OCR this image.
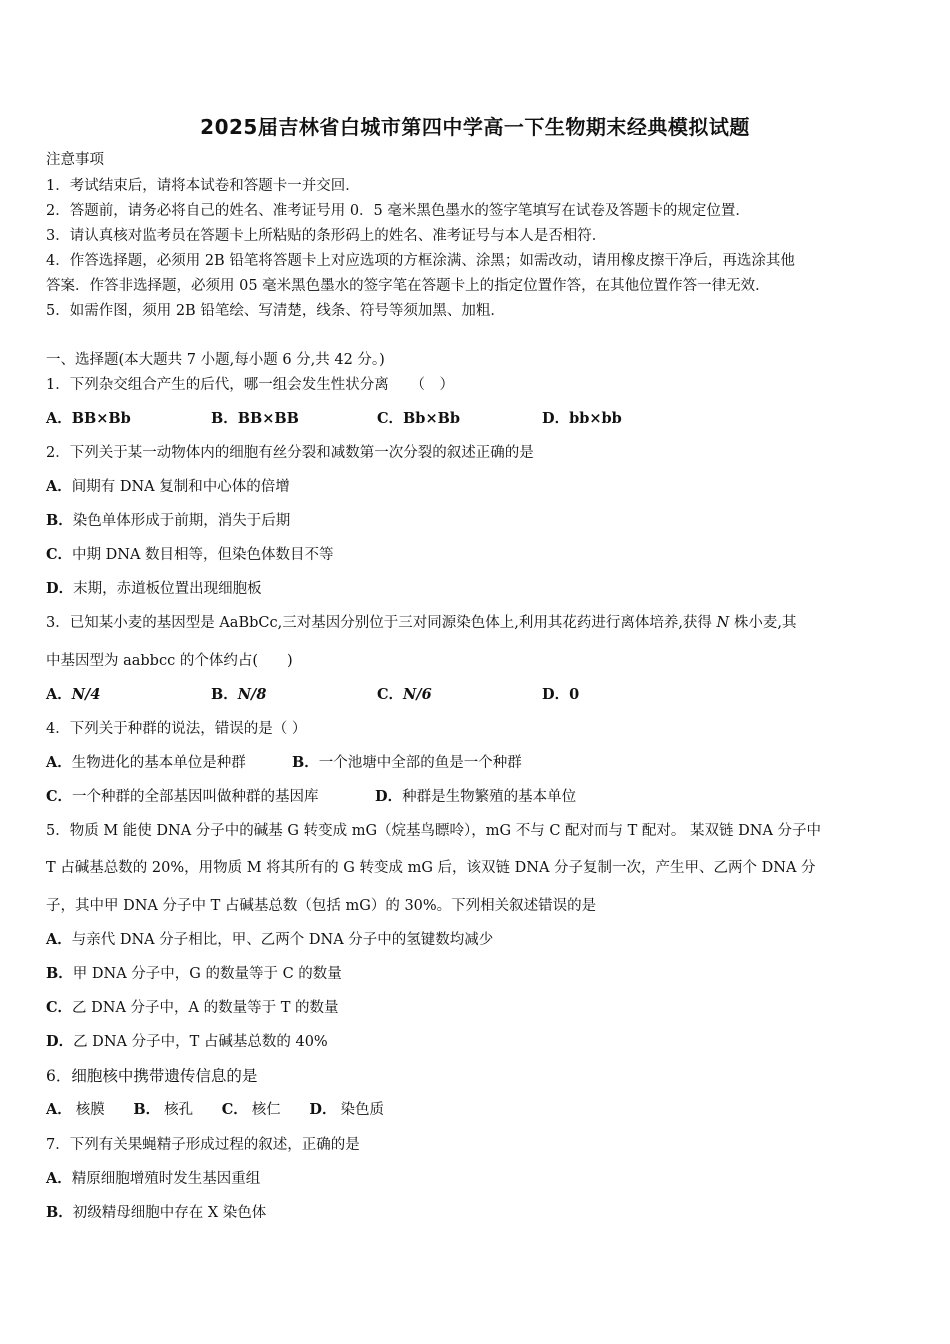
2025届吉林省白城市第四中学高一下生物期末经典模拟试题
注意事项
1．考试结束后，请将本试卷和答题卡一并交回．
2．答题前，请务必将自己的姓名、准考证号用 0．5 毫米黑色墨水的签字笔填写在试卷及答题卡的规定位置．
3．请认真核对监考员在答题卡上所粘贴的条形码上的姓名、准考证号与本人是否相符．
4．作答选择题，必须用 2B 铅笔将答题卡上对应选项的方框涂满、涂黑；如需改动，请用橡皮擦干净后，再选涂其他
答案．作答非选择题，必须用 05 毫米黑色墨水的签字笔在答题卡上的指定位置作答，在其他位置作答一律无效．
5．如需作图，须用 2B 铅笔绘、写清楚，线条、符号等须加黑、加粗．
一、选择题(本大题共 7 小题,每小题 6 分,共 42 分。)
1．下列杂交组合产生的后代，哪一组会发生性状分离　　（　）
A．BB×Bb	B．BB×BB	C．Bb×Bb	D．bb×bb
2．下列关于某一动物体内的细胞有丝分裂和减数第一次分裂的叙述正确的是
A．间期有 DNA 复制和中心体的倍增
B．染色单体形成于前期，消失于后期
C．中期 DNA 数目相等，但染色体数目不等
D．末期，赤道板位置出现细胞板
3．已知某小麦的基因型是 AaBbCc,三对基因分别位于三对同源染色体上,利用其花药进行离体培养,获得 N 株小麦,其
中基因型为 aabbcc 的个体约占(　　)
A．N/4	B．N/8	C．N/6	D．0
4．下列关于种群的说法，错误的是（ ）
A．生物进化的基本单位是种群	B．一个池塘中全部的鱼是一个种群
C．一个种群的全部基因叫做种群的基因库	D．种群是生物繁殖的基本单位
5．物质 M 能使 DNA 分子中的碱基 G 转变成 mG（烷基鸟瞟呤），mG 不与 C 配对而与 T 配对。 某双链 DNA 分子中
T 占碱基总数的 20%，用物质 M 将其所有的 G 转变成 mG 后，该双链 DNA 分子复制一次，产生甲、乙两个 DNA 分
子，其中甲 DNA 分子中 T 占碱基总数（包括 mG）的 30%。下列相关叙述错误的是
A．与亲代 DNA 分子相比，甲、乙两个 DNA 分子中的氢键数均减少
B．甲 DNA 分子中，G 的数量等于 C 的数量
C．乙 DNA 分子中，A 的数量等于 T 的数量
D．乙 DNA 分子中，T 占碱基总数的 40%
6．细胞核中携带遗传信息的是
A． 核膜 B． 核孔 C． 核仁 D． 染色质
7．下列有关果蝇精子形成过程的叙述，正确的是
A．精原细胞增殖时发生基因重组
B．初级精母细胞中存在 X 染色体
